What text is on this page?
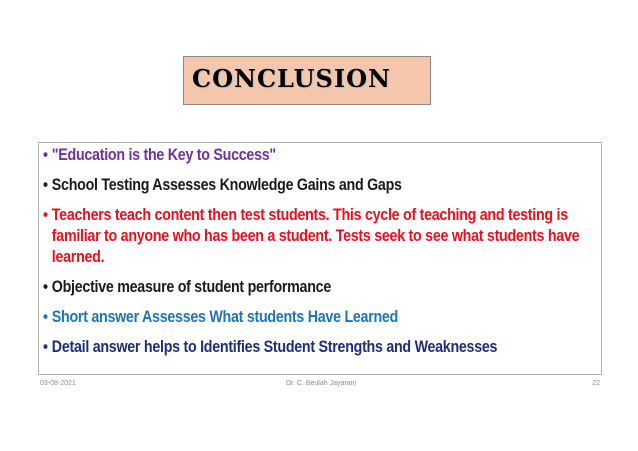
CONCLUSION
• "Education is the Key to Success"
• School Testing Assesses Knowledge Gains and Gaps
• Teachers teach content then test students. This cycle of teaching and testing is familiar to anyone who has been a student. Tests seek to see what students have learned.
• Objective measure of student performance
• Short answer Assesses What students Have Learned
• Detail answer helps to Identifies Student Strengths and Weaknesses
03-08-2021	Dr. C. Beulah Jayarani	22
